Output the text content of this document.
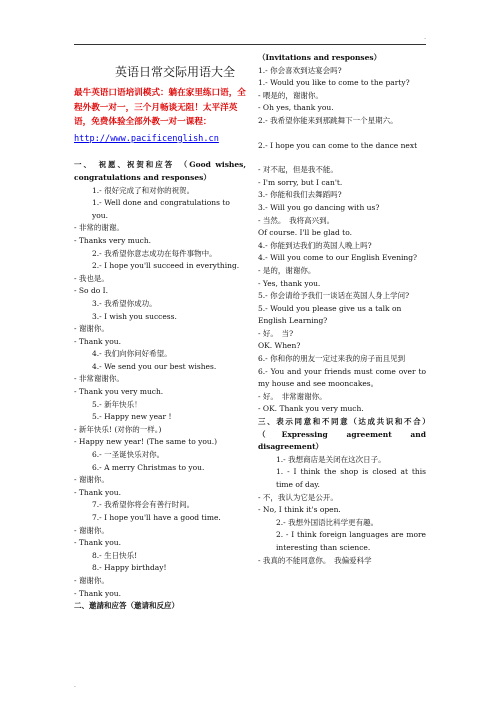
·
英语日常交际用语大全
最牛英语口语培训模式：躺在家里练口语，全程外教一对一，三个月畅谈无阻！太平洋英语，免费体验全部外教一对一课程：
http://www.pacificenglish.cn
一、　祝愿、祝贺和应答　（Good wishes, congratulations and responses）
1.- 很好完成了和对你的祝贺。
1.- Well done and congratulations to you.
- 非常的谢谢。
- Thanks very much.
2.- 我希望你意志成功在每件事物中。
2.- I hope you'll succeed in everything.
- 我也是。
- So do I.
3.- 我希望你成功。
3.- I wish you success.
- 谢谢你。
- Thank you.
4.- 我们向你问好希望。
4.- We send you our best wishes.
- 非常谢谢你。
- Thank you very much.
5.- 新年快乐！
5.- Happy new year !
- 新年快乐! (对你的一样。)
- Happy new year! (The same to you.)
6.- 一圣诞快乐对你。
6.- A merry Christmas to you.
- 谢谢你。
- Thank you.
7.- 我希望你将会有善行时间。
7.- I hope you'll have a good time.
- 谢谢你。
- Thank you.
8.- 生日快乐!
8.- Happy birthday!
- 谢谢你。
- Thank you.
二、邀請和应答（邀请和反应）
（Invitations and responses）
1.- 你会喜欢到达宴会吗?
1.- Would you like to come to the party?
- 喂是的，谢谢你。
- Oh yes, thank you.
2.- 我希望你能来到那跳舞下一个星期六。
2.- I hope you can come to the dance next
- 对不起，但是我不能。
- I'm sorry, but I can't.
3.- 你能和我们去舞蹈吗?
3.- Will you go dancing with us?
- 当然。　我将高兴到。
Of course. I'll be glad to.
4.- 你能到达我们的英国人晚上吗?
4.- Will you come to our English Evening?
- 是的，谢谢你。
- Yes, thank you.
5.- 你会请给予我们一谈话在英国人身上学问?
5.- Would you please give us a talk on English Learning?
- 好。　当?
OK. When?
6.- 你和你的朋友一定过来我的房子而且见到
6.- You and your friends must come over to my house and see mooncakes。
- 好。　非常谢谢你。
- OK. Thank you very much.
三、表示同意和不同意（达成共识和不合）　（Expressing agreement and disagreement）
1.- 我想商店是关闭在这次日子。
1. - I think the shop is closed at this time of day.
- 不，我认为它是公开。
- No, I think it's open.
2.- 我想外国语比科学更有趣。
2. - I think foreign languages are more interesting than science.
- 我真的不能同意你。　我偏爱科学
·
